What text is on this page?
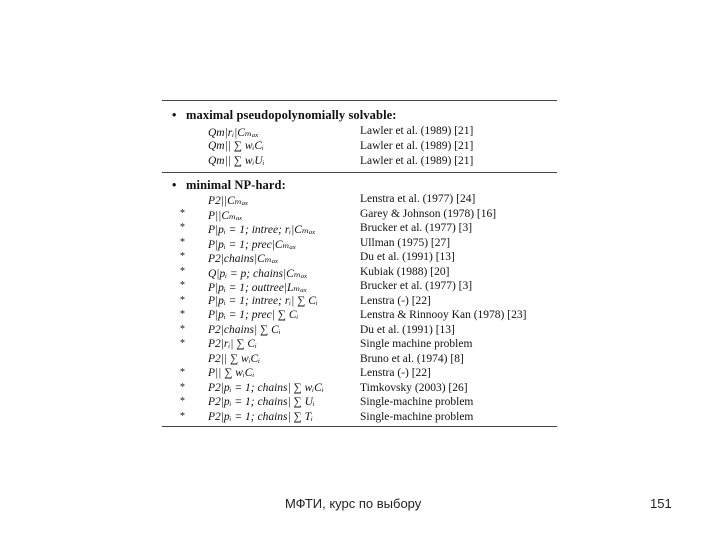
• maximal pseudopolynomially solvable:
Qm|rᵢ|Cₘₐₓ	Lawler et al. (1989) [21]
Qm|| ∑ wᵢCᵢ	Lawler et al. (1989) [21]
Qm|| ∑ wᵢUᵢ	Lawler et al. (1989) [21]
• minimal NP-hard:
P2||Cₘₐₓ	Lenstra et al. (1977) [24]
*	P||Cₘₐₓ	Garey & Johnson (1978) [16]
*	P|pᵢ = 1; intree; rᵢ|Cₘₐₓ	Brucker et al. (1977) [3]
*	P|pᵢ = 1; prec|Cₘₐₓ	Ullman (1975) [27]
*	P2|chains|Cₘₐₓ	Du et al. (1991) [13]
*	Q|pᵢ = p; chains|Cₘₐₓ	Kubiak (1988) [20]
*	P|pᵢ = 1; outtree|Lₘₐₓ	Brucker et al. (1977) [3]
*	P|pᵢ = 1; intree; rᵢ| ∑ Cᵢ	Lenstra (-) [22]
*	P|pᵢ = 1; prec| ∑ Cᵢ	Lenstra & Rinnooy Kan (1978) [23]
*	P2|chains| ∑ Cᵢ	Du et al. (1991) [13]
*	P2|rᵢ| ∑ Cᵢ	Single machine problem
P2|| ∑ wᵢCᵢ	Bruno et al. (1974) [8]
*	P|| ∑ wᵢCᵢ	Lenstra (-) [22]
*	P2|pᵢ = 1; chains| ∑ wᵢCᵢ	Timkovsky (2003) [26]
*	P2|pᵢ = 1; chains| ∑ Uᵢ	Single-machine problem
*	P2|pᵢ = 1; chains| ∑ Tᵢ	Single-machine problem
МФТИ, курс по выбору	151
